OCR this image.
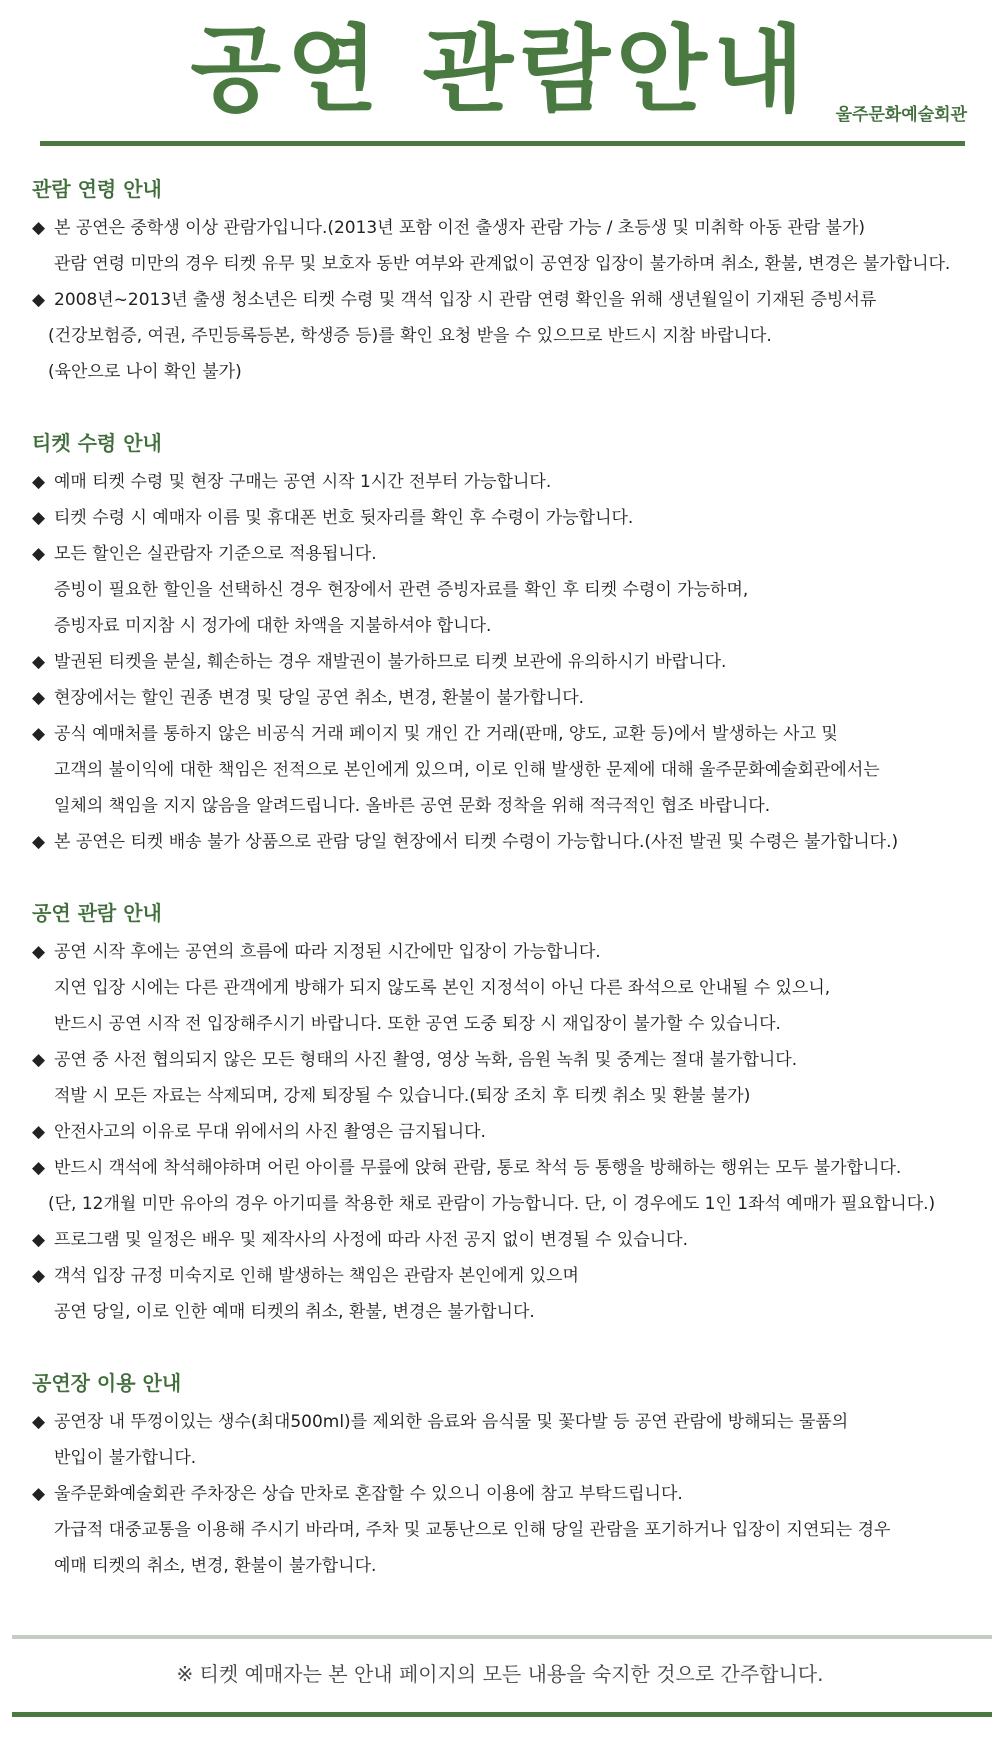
공연 관람안내	울주문화예술회관

관람 연령 안내

◆ 본 공연은 중학생 이상 관람가입니다.(2013년 포함 이전 출생자 관람 가능 / 초등생 및 미취학 아동 관람 불가)

관람 연령 미만의 경우 티켓 유무 및 보호자 동반 여부와 관계없이 공연장 입장이 불가하며 취소, 환불, 변경은 불가합니다.

◆ 2008년~2013년 출생 청소년은 티켓 수령 및 객석 입장 시 관람 연령 확인을 위해 생년월일이 기재된 증빙서류

(건강보험증, 여권, 주민등록등본, 학생증 등)를 확인 요청 받을 수 있으므로 반드시 지참 바랍니다.

(육안으로 나이 확인 불가)

티켓 수령 안내

◆ 예매 티켓 수령 및 현장 구매는 공연 시작 1시간 전부터 가능합니다.

◆ 티켓 수령 시 예매자 이름 및 휴대폰 번호 뒷자리를 확인 후 수령이 가능합니다.

◆ 모든 할인은 실관람자 기준으로 적용됩니다.

증빙이 필요한 할인을 선택하신 경우 현장에서 관련 증빙자료를 확인 후 티켓 수령이 가능하며,

증빙자료 미지참 시 정가에 대한 차액을 지불하셔야 합니다.

◆ 발권된 티켓을 분실, 훼손하는 경우 재발권이 불가하므로 티켓 보관에 유의하시기 바랍니다.

◆ 현장에서는 할인 권종 변경 및 당일 공연 취소, 변경, 환불이 불가합니다.

◆ 공식 예매처를 통하지 않은 비공식 거래 페이지 및 개인 간 거래(판매, 양도, 교환 등)에서 발생하는 사고 및

고객의 불이익에 대한 책임은 전적으로 본인에게 있으며, 이로 인해 발생한 문제에 대해 울주문화예술회관에서는

일체의 책임을 지지 않음을 알려드립니다. 올바른 공연 문화 정착을 위해 적극적인 협조 바랍니다.

◆ 본 공연은 티켓 배송 불가 상품으로 관람 당일 현장에서 티켓 수령이 가능합니다.(사전 발권 및 수령은 불가합니다.)

공연 관람 안내

◆ 공연 시작 후에는 공연의 흐름에 따라 지정된 시간에만 입장이 가능합니다.

지연 입장 시에는 다른 관객에게 방해가 되지 않도록 본인 지정석이 아닌 다른 좌석으로 안내될 수 있으니,

반드시 공연 시작 전 입장해주시기 바랍니다. 또한 공연 도중 퇴장 시 재입장이 불가할 수 있습니다.

◆ 공연 중 사전 협의되지 않은 모든 형태의 사진 촬영, 영상 녹화, 음원 녹취 및 중계는 절대 불가합니다.

적발 시 모든 자료는 삭제되며, 강제 퇴장될 수 있습니다.(퇴장 조치 후 티켓 취소 및 환불 불가)

◆ 안전사고의 이유로 무대 위에서의 사진 촬영은 금지됩니다.

◆ 반드시 객석에 착석해야하며 어린 아이를 무릎에 앉혀 관람, 통로 착석 등 통행을 방해하는 행위는 모두 불가합니다.

(단, 12개월 미만 유아의 경우 아기띠를 착용한 채로 관람이 가능합니다. 단, 이 경우에도 1인 1좌석 예매가 필요합니다.)

◆ 프로그램 및 일정은 배우 및 제작사의 사정에 따라 사전 공지 없이 변경될 수 있습니다.

◆ 객석 입장 규정 미숙지로 인해 발생하는 책임은 관람자 본인에게 있으며

공연 당일, 이로 인한 예매 티켓의 취소, 환불, 변경은 불가합니다.

공연장 이용 안내

◆ 공연장 내 뚜껑이있는 생수(최대500ml)를 제외한 음료와 음식물 및 꽃다발 등 공연 관람에 방해되는 물품의

반입이 불가합니다.

◆ 울주문화예술회관 주차장은 상습 만차로 혼잡할 수 있으니 이용에 참고 부탁드립니다.

가급적 대중교통을 이용해 주시기 바라며, 주차 및 교통난으로 인해 당일 관람을 포기하거나 입장이 지연되는 경우

예매 티켓의 취소, 변경, 환불이 불가합니다.

※ 티켓 예매자는 본 안내 페이지의 모든 내용을 숙지한 것으로 간주합니다.
